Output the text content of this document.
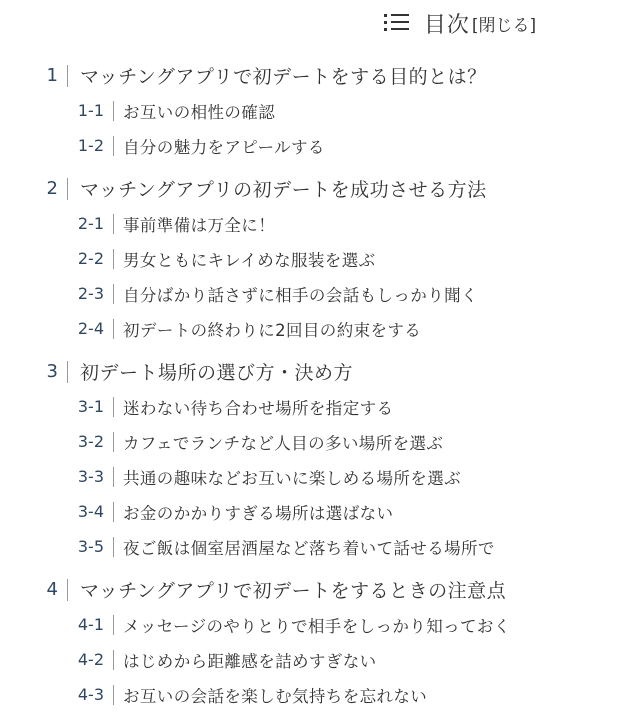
目次 [閉じる]
1 マッチングアプリで初デートをする目的とは？
1-1 お互いの相性の確認
1-2 自分の魅力をアピールする
2 マッチングアプリの初デートを成功させる方法
2-1 事前準備は万全に！
2-2 男女ともにキレイめな服装を選ぶ
2-3 自分ばかり話さずに相手の会話もしっかり聞く
2-4 初デートの終わりに2回目の約束をする
3 初デート場所の選び方・決め方
3-1 迷わない待ち合わせ場所を指定する
3-2 カフェでランチなど人目の多い場所を選ぶ
3-3 共通の趣味などお互いに楽しめる場所を選ぶ
3-4 お金のかかりすぎる場所は選ばない
3-5 夜ご飯は個室居酒屋など落ち着いて話せる場所で
4 マッチングアプリで初デートをするときの注意点
4-1 メッセージのやりとりで相手をしっかり知っておく
4-2 はじめから距離感を詰めすぎない
4-3 お互いの会話を楽しむ気持ちを忘れない
